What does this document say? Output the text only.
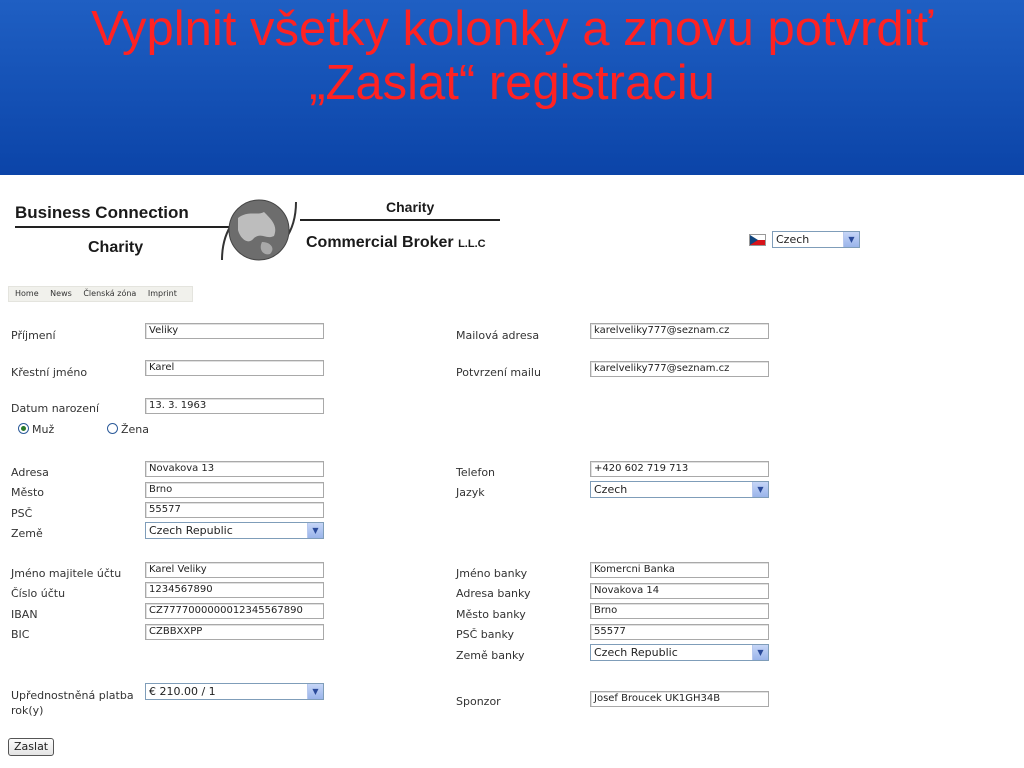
Vyplnit všetky kolonky a znovu potvrdiť
„Zaslat“ registraciu
Business Connection
Charity
Charity
Commercial Broker L.L.C	Czech	▼
Home News Členská zóna Imprint
Příjmení	Veliky
Křestní jméno	Karel
Datum narození	13. 3. 1963
Muž	Žena
Adresa	Novakova 13
Město	Brno
PSČ	55577
Země	Czech Republic	▼
Jméno majitele účtu	Karel Veliky
Číslo účtu	1234567890
IBAN	CZ7777000000012345567890
BIC	CZBBXXPP
Upřednostněná platba rok(y)
€ 210.00 / 1	▼
Mailová adresa	karelveliky777@seznam.cz
Potvrzení mailu	karelveliky777@seznam.cz
Telefon	+420 602 719 713
Jazyk	Czech	▼
Jméno banky	Komercni Banka
Adresa banky	Novakova 14
Město banky	Brno
PSČ banky	55577
Země banky	Czech Republic	▼
Sponzor	Josef Broucek UK1GH34B
Zaslat
